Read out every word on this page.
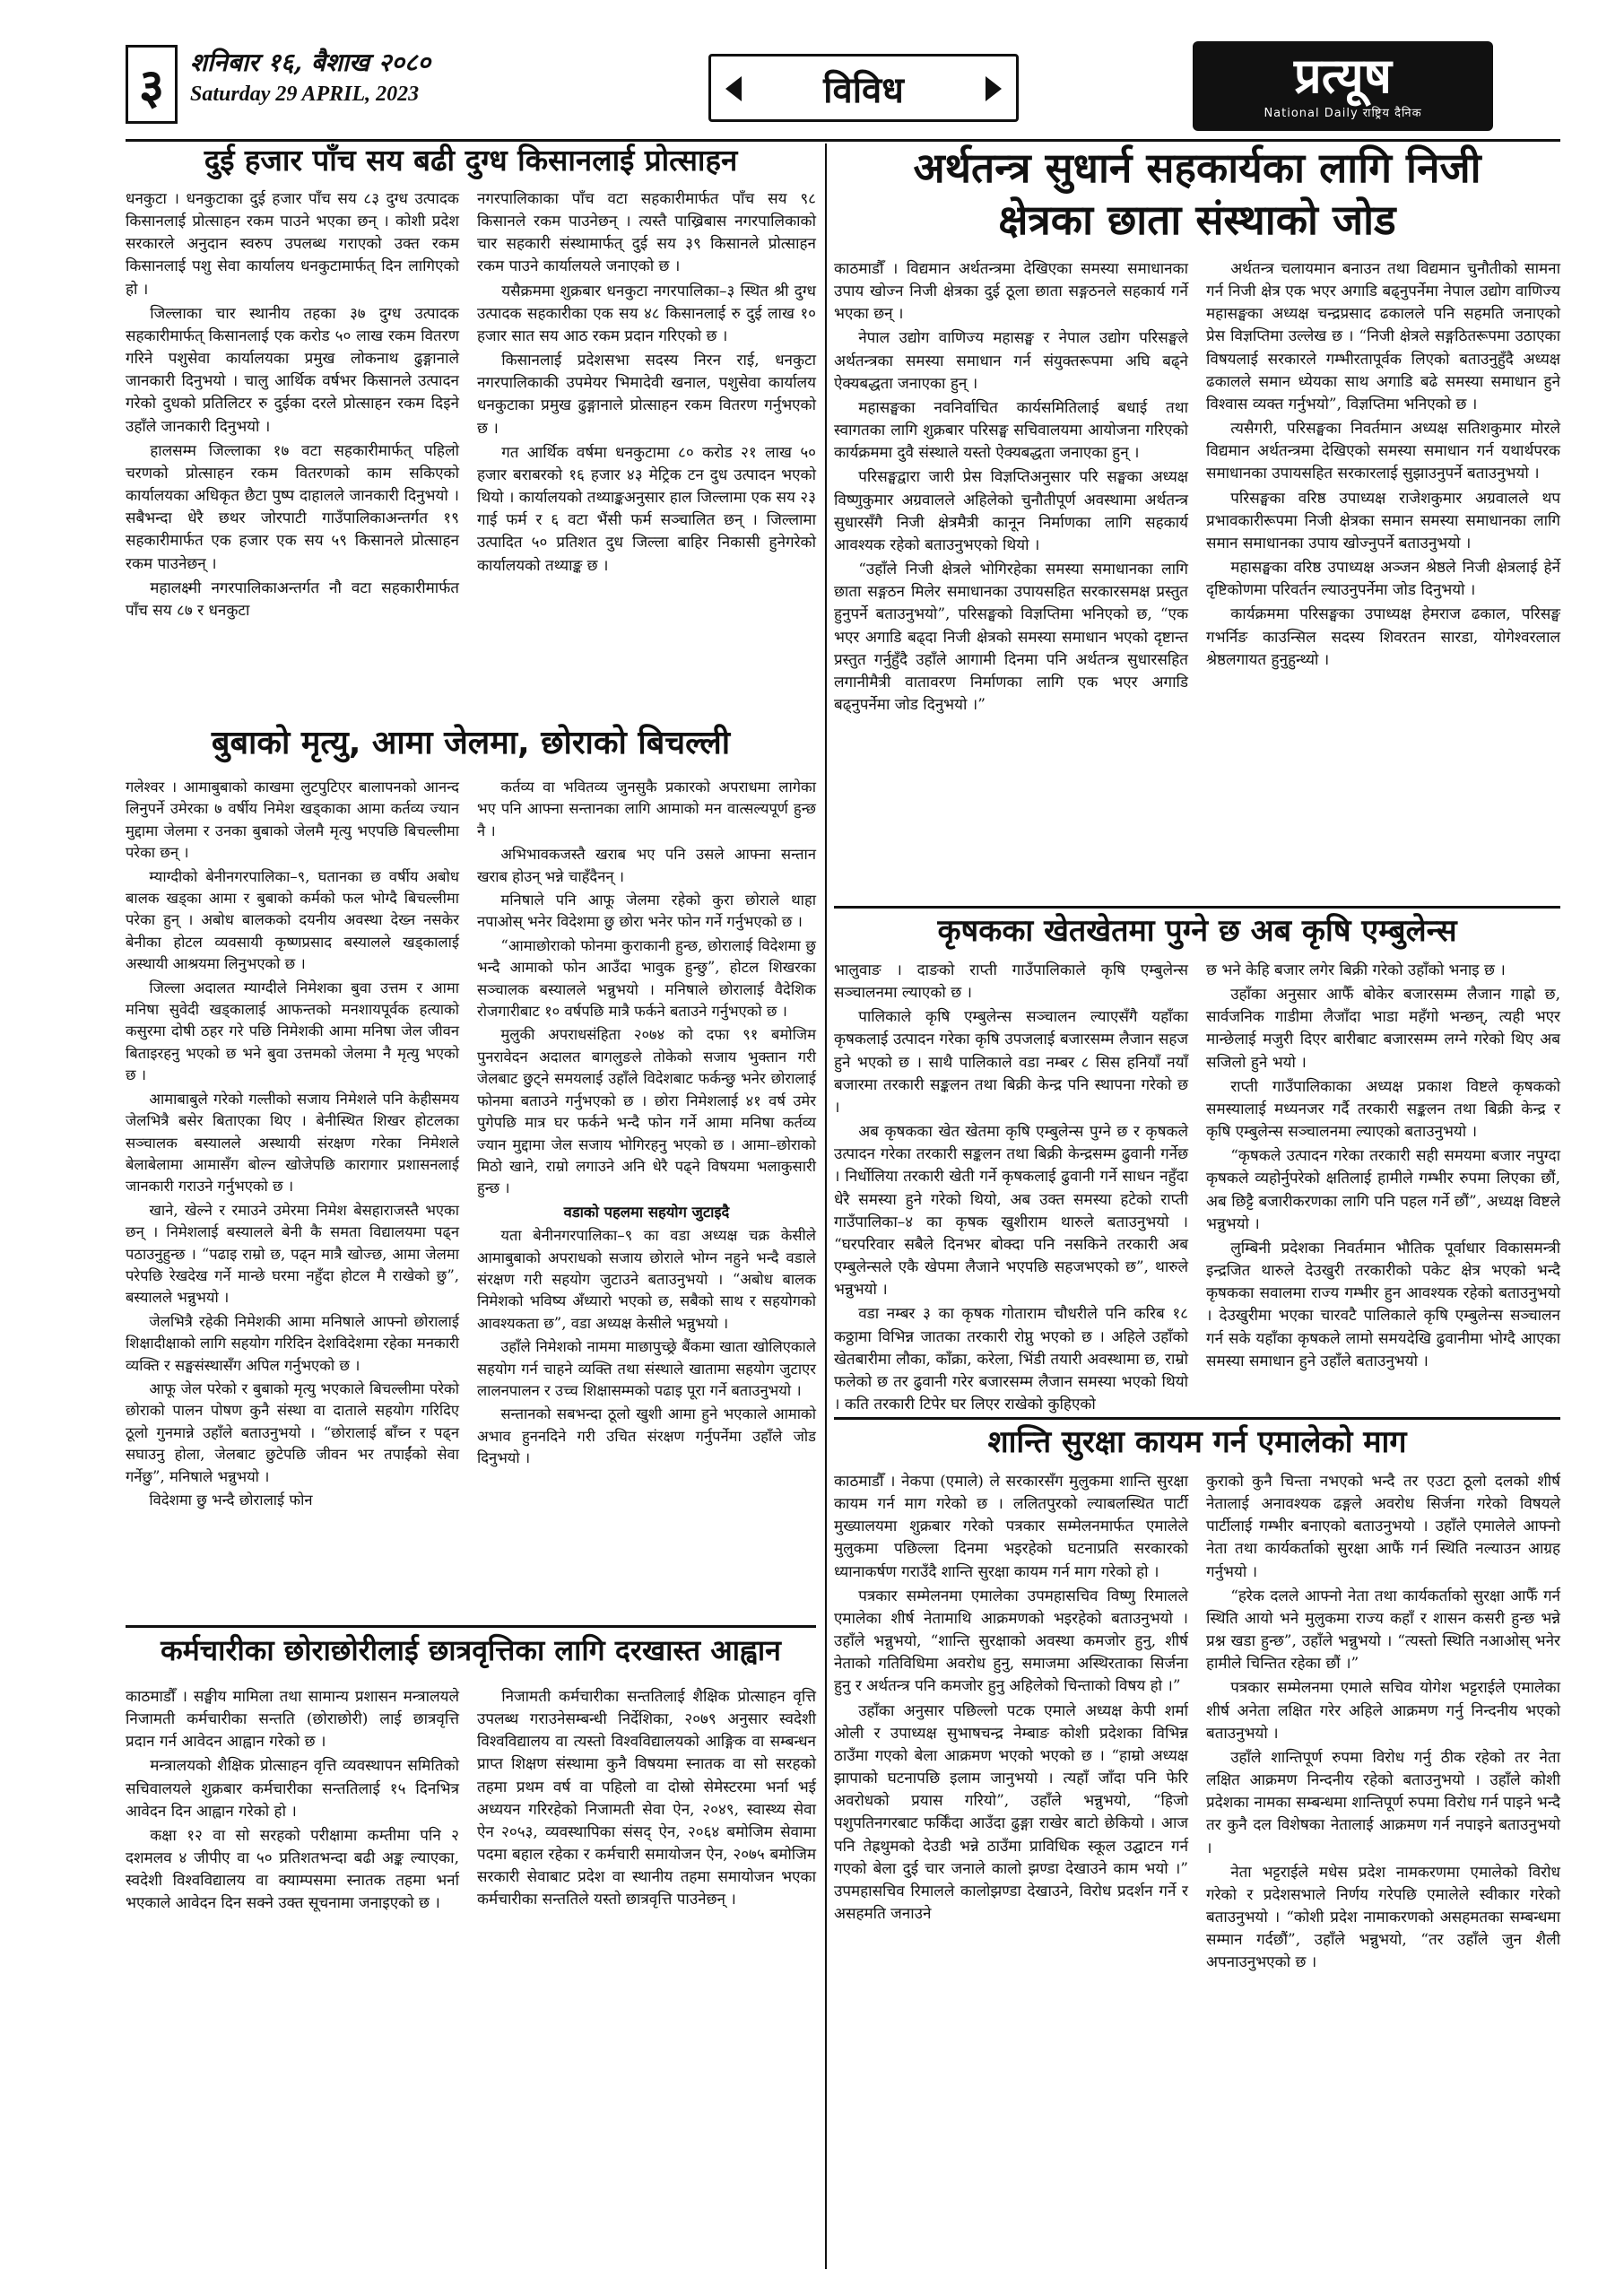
३	शनिबार १६, बैशाख २०८०
Saturday 29 APRIL, 2023	विविध	प्रत्यूष
National Daily राष्ट्रिय दैनिक
दुई हजार पाँच सय बढी दुग्ध किसानलाई प्रोत्साहन

धनकुटा । धनकुटाका दुई हजार पाँच सय ८३ दुग्ध उत्पादक किसानलाई प्रोत्साहन रकम पाउने भएका छन् । कोशी प्रदेश सरकारले अनुदान स्वरुप उपलब्ध गराएको उक्त रकम किसानलाई पशु सेवा कार्यालय धनकुटामार्फत् दिन लागिएको हो ।

जिल्लाका चार स्थानीय तहका ३७ दुग्ध उत्पादक सहकारीमार्फत् किसानलाई एक करोड ५० लाख रकम वितरण गरिने पशुसेवा कार्यालयका प्रमुख लोकनाथ ढुङ्गानाले जानकारी दिनुभयो । चालु आर्थिक वर्षभर किसानले उत्पादन गरेको दुधको प्रतिलिटर रु दुईका दरले प्रोत्साहन रकम दिइने उहाँले जानकारी दिनुभयो ।

हालसम्म जिल्लाका १७ वटा सहकारीमार्फत् पहिलो चरणको प्रोत्साहन रकम वितरणको काम सकिएको कार्यालयका अधिकृत छैटा पुष्प दाहालले जानकारी दिनुभयो । सबैभन्दा धेरै छथर जोरपाटी गाउँपालिकाअन्तर्गत १९ सहकारीमार्फत एक हजार एक सय ५९ किसानले प्रोत्साहन रकम पाउनेछन् ।

महालक्ष्मी नगरपालिकाअन्तर्गत नौ वटा सहकारीमार्फत पाँच सय ८७ र धनकुटा

नगरपालिकाका पाँच वटा सहकारीमार्फत पाँच सय ९८ किसानले रकम पाउनेछन् । त्यस्तै पाख्रिबास नगरपालिकाको चार सहकारी संस्थामार्फत् दुई सय ३९ किसानले प्रोत्साहन रकम पाउने कार्यालयले जनाएको छ ।

यसैक्रममा शुक्रबार धनकुटा नगरपालिका–३ स्थित श्री दुग्ध उत्पादक सहकारीका एक सय ४८ किसानलाई रु दुई लाख १० हजार सात सय आठ रकम प्रदान गरिएको छ ।

किसानलाई प्रदेशसभा सदस्य निरन राई, धनकुटा नगरपालिकाकी उपमेयर भिमादेवी खनाल, पशुसेवा कार्यालय धनकुटाका प्रमुख ढुङ्गानाले प्रोत्साहन रकम वितरण गर्नुभएको छ ।

गत आर्थिक वर्षमा धनकुटामा ८० करोड २१ लाख ५० हजार बराबरको १६ हजार ४३ मेट्रिक टन दुध उत्पादन भएको थियो । कार्यालयको तथ्याङ्कअनुसार हाल जिल्लामा एक सय २३ गाई फर्म र ६ वटा भैंसी फर्म सञ्चालित छन् । जिल्लामा उत्पादित ५० प्रतिशत दुध जिल्ला बाहिर निकासी हुनेगरेको कार्यालयको तथ्याङ्क छ ।

अर्थतन्त्र सुधार्न सहकार्यका लागि निजी
क्षेत्रका छाता संस्थाको जोड

काठमाडौँ । विद्यमान अर्थतन्त्रमा देखिएका समस्या समाधानका उपाय खोज्न निजी क्षेत्रका दुई ठूला छाता सङ्गठनले सहकार्य गर्ने भएका छन् ।

नेपाल उद्योग वाणिज्य महासङ्घ र नेपाल उद्योग परिसङ्घले अर्थतन्त्रका समस्या समाधान गर्न संयुक्तरूपमा अघि बढ्ने ऐक्यबद्धता जनाएका हुन् ।

महासङ्घका नवनिर्वाचित कार्यसमितिलाई बधाई तथा स्वागतका लागि शुक्रबार परिसङ्घ सचिवालयमा आयोजना गरिएको कार्यक्रममा दुवै संस्थाले यस्तो ऐक्यबद्धता जनाएका हुन् ।

परिसङ्घद्वारा जारी प्रेस विज्ञप्तिअनुसार परि सङ्घका अध्यक्ष विष्णुकुमार अग्रवालले अहिलेको चुनौतीपूर्ण अवस्थामा अर्थतन्त्र सुधारसँगै निजी क्षेत्रमैत्री कानून निर्माणका लागि सहकार्य आवश्यक रहेको बताउनुभएको थियो ।

“उहाँले निजी क्षेत्रले भोगिरहेका समस्या समाधानका लागि छाता सङ्गठन मिलेर समाधानका उपायसहित सरकारसमक्ष प्रस्तुत हुनुपर्ने बताउनुभयो”, परिसङ्घको विज्ञप्तिमा भनिएको छ, “एक भएर अगाडि बढ्दा निजी क्षेत्रको समस्या समाधान भएको दृष्टान्त प्रस्तुत गर्नुहुँदै उहाँले आगामी दिनमा पनि अर्थतन्त्र सुधारसहित लगानीमैत्री वातावरण निर्माणका लागि एक भएर अगाडि बढ्नुपर्नेमा जोड दिनुभयो ।”

अर्थतन्त्र चलायमान बनाउन तथा विद्यमान चुनौतीको सामना गर्न निजी क्षेत्र एक भएर अगाडि बढ्नुपर्नेमा नेपाल उद्योग वाणिज्य महासङ्घका अध्यक्ष चन्द्रप्रसाद ढकालले पनि सहमति जनाएको प्रेस विज्ञप्तिमा उल्लेख छ । “निजी क्षेत्रले सङ्गठितरूपमा उठाएका विषयलाई सरकारले गम्भीरतापूर्वक लिएको बताउनुहुँदै अध्यक्ष ढकालले समान ध्येयका साथ अगाडि बढे समस्या समाधान हुने विश्वास व्यक्त गर्नुभयो”, विज्ञप्तिमा भनिएको छ ।

त्यसैगरी, परिसङ्घका निवर्तमान अध्यक्ष सतिशकुमार मोरले विद्यमान अर्थतन्त्रमा देखिएको समस्या समाधान गर्न यथार्थपरक समाधानका उपायसहित सरकारलाई सुझाउनुपर्ने बताउनुभयो ।

परिसङ्घका वरिष्ठ उपाध्यक्ष राजेशकुमार अग्रवालले थप प्रभावकारीरूपमा निजी क्षेत्रका समान समस्या समाधानका लागि समान समाधानका उपाय खोज्नुपर्ने बताउनुभयो ।

महासङ्घका वरिष्ठ उपाध्यक्ष अञ्जन श्रेष्ठले निजी क्षेत्रलाई हेर्ने दृष्टिकोणमा परिवर्तन ल्याउनुपर्नेमा जोड दिनुभयो ।

कार्यक्रममा परिसङ्घका उपाध्यक्ष हेमराज ढकाल, परिसङ्घ गभर्निङ काउन्सिल सदस्य शिवरतन सारडा, योगेश्वरलाल श्रेष्ठलगायत हुनुहुन्थ्यो ।

बुबाको मृत्यु, आमा जेलमा, छोराको बिचल्ली

गलेश्वर । आमाबुबाको काखमा लुटपुटिएर बालापनको आनन्द लिनुपर्ने उमेरका ७ वर्षीय निमेश खड्काका आमा कर्तव्य ज्यान मुद्दामा जेलमा र उनका बुबाको जेलमै मृत्यु भएपछि बिचल्लीमा परेका छन् ।

म्याग्दीको बेनीनगरपालिका–९, घतानका छ वर्षीय अबोध बालक खड्का आमा र बुबाको कर्मको फल भोग्दै बिचल्लीमा परेका हुन् । अबोध बालकको दयनीय अवस्था देख्न नसकेर बेनीका होटल व्यवसायी कृष्णप्रसाद बस्यालले खड्कालाई अस्थायी आश्रयमा लिनुभएको छ ।

जिल्ला अदालत म्याग्दीले निमेशका बुवा उत्तम र आमा मनिषा सुवेदी खड्कालाई आफन्तको मनशायपूर्वक हत्याको कसुरमा दोषी ठहर गरे पछि निमेशकी आमा मनिषा जेल जीवन बिताइरहनु भएको छ भने बुवा उत्तमको जेलमा नै मृत्यु भएको छ ।

आमाबाबुले गरेको गल्तीको सजाय निमेशले पनि केहीसमय जेलभित्रै बसेर बिताएका थिए । बेनीस्थित शिखर होटलका सञ्चालक बस्यालले अस्थायी संरक्षण गरेका निमेशले बेलाबेलामा आमासँग बोल्न खोजेपछि कारागार प्रशासनलाई जानकारी गराउने गर्नुभएको छ ।

खाने, खेल्ने र रमाउने उमेरमा निमेश बेसहाराजस्तै भएका छन् । निमेशलाई बस्यालले बेनी कै समता विद्यालयमा पढ्न पठाउनुहुन्छ । “पढाइ राम्रो छ, पढ्न मात्रै खोज्छ, आमा जेलमा परेपछि रेखदेख गर्ने मान्छे घरमा नहुँदा होटल मै राखेको छु”, बस्यालले भन्नुभयो ।

जेलभित्रै रहेकी निमेशकी आमा मनिषाले आफ्नो छोरालाई शिक्षादीक्षाको लागि सहयोग गरिदिन देशविदेशमा रहेका मनकारी व्यक्ति र सङ्घसंस्थासँग अपिल गर्नुभएको छ ।

आफू जेल परेको र बुबाको मृत्यु भएकाले बिचल्लीमा परेको छोराको पालन पोषण कुनै संस्था वा दाताले सहयोग गरिदिए ठूलो गुनमान्ने उहाँले बताउनुभयो । “छोरालाई बाँच्न र पढ्न सघाउनु होला, जेलबाट छुटेपछि जीवन भर तपाईंको सेवा गर्नेछु”, मनिषाले भन्नुभयो ।

विदेशमा छु भन्दै छोरालाई फोन

कर्तव्य वा भवितव्य जुनसुकै प्रकारको अपराधमा लागेका भए पनि आफ्ना सन्तानका लागि आमाको मन वात्सल्यपूर्ण हुन्छ नै ।

अभिभावकजस्तै खराब भए पनि उसले आफ्ना सन्तान खराब होउन् भन्ने चाहँदैनन् ।

मनिषाले पनि आफू जेलमा रहेको कुरा छोराले थाहा नपाओस् भनेर विदेशमा छु छोरा भनेर फोन गर्ने गर्नुभएको छ ।

“आमाछोराको फोनमा कुराकानी हुन्छ, छोरालाई विदेशमा छु भन्दै आमाको फोन आउँदा भावुक हुन्छु”, होटल शिखरका सञ्चालक बस्यालले भन्नुभयो । मनिषाले छोरालाई वैदेशिक रोजगारीबाट १० वर्षपछि मात्रै फर्कने बताउने गर्नुभएको छ ।

मुलुकी अपराधसंहिता २०७४ को दफा ९१ बमोजिम पुनरावेदन अदालत बागलुङले तोकेको सजाय भुक्तान गरी जेलबाट छुट्ने समयलाई उहाँले विदेशबाट फर्कन्छु भनेर छोरालाई फोनमा बताउने गर्नुभएको छ । छोरा निमेशलाई ४१ वर्ष उमेर पुगेपछि मात्र घर फर्कने भन्दै फोन गर्ने आमा मनिषा कर्तव्य ज्यान मुद्दामा जेल सजाय भोगिरहनु भएको छ । आमा–छोराको मिठो खाने, राम्रो लगाउने अनि धेरै पढ्ने विषयमा भलाकुसारी हुन्छ ।

वडाको पहलमा सहयोग जुटाइदै

यता बेनीनगरपालिका–९ का वडा अध्यक्ष चक्र केसीले आमाबुबाको अपराधको सजाय छोराले भोग्न नहुने भन्दै वडाले संरक्षण गरी सहयोग जुटाउने बताउनुभयो । “अबोध बालक निमेशको भविष्य अँध्यारो भएको छ, सबैको साथ र सहयोगको आवश्यकता छ”, वडा अध्यक्ष केसीले भन्नुभयो ।

उहाँले निमेशको नाममा माछापुच्छ्रे बैंकमा खाता खोलिएकाले सहयोग गर्न चाहने व्यक्ति तथा संस्थाले खातामा सहयोग जुटाएर लालनपालन र उच्च शिक्षासम्मको पढाइ पूरा गर्ने बताउनुभयो ।

सन्तानको सबभन्दा ठूलो खुशी आमा हुने भएकाले आमाको अभाव हुननदिने गरी उचित संरक्षण गर्नुपर्नेमा उहाँले जोड दिनुभयो ।

कृषकका खेतखेतमा पुग्ने छ अब कृषि एम्बुलेन्स

भालुवाङ । दाङको राप्ती गाउँपालिकाले कृषि एम्बुलेन्स सञ्चालनमा ल्याएको छ ।

पालिकाले कृषि एम्बुलेन्स सञ्चालन ल्याएसँगै यहाँका कृषकलाई उत्पादन गरेका कृषि उपजलाई बजारसम्म लैजान सहज हुने भएको छ । साथै पालिकाले वडा नम्बर ८ सिस हनियाँ नयाँ बजारमा तरकारी सङ्कलन तथा बिक्री केन्द्र पनि स्थापना गरेको छ ।

अब कृषकका खेत खेतमा कृषि एम्बुलेन्स पुग्ने छ र कृषकले उत्पादन गरेका तरकारी सङ्कलन तथा बिक्री केन्द्रसम्म ढुवानी गर्नेछ । निर्धोलिया तरकारी खेती गर्ने कृषकलाई ढुवानी गर्ने साधन नहुँदा धेरै समस्या हुने गरेको थियो, अब उक्त समस्या हटेको राप्ती गाउँपालिका–४ का कृषक खुशीराम थारुले बताउनुभयो । “घरपरिवार सबैले दिनभर बोक्दा पनि नसकिने तरकारी अब एम्बुलेन्सले एकै खेपमा लैजाने भएपछि सहजभएको छ”, थारुले भन्नुभयो ।

वडा नम्बर ३ का कृषक गोताराम चौधरीले पनि करिब १८ कठ्ठामा विभिन्न जातका तरकारी रोप्नु भएको छ । अहिले उहाँको खेतबारीमा लौका, काँक्रा, करेला, भिंडी तयारी अवस्थामा छ, राम्रो फलेको छ तर ढुवानी गरेर बजारसम्म लैजान समस्या भएको थियो । कति तरकारी टिपेर घर लिएर राखेको कुहिएको

छ भने केहि बजार लगेर बिक्री गरेको उहाँको भनाइ छ ।

उहाँका अनुसार आफैँ बोकेर बजारसम्म लैजान गाह्रो छ, सार्वजनिक गाडीमा लैजाँदा भाडा महँगो भन्छन्, त्यही भएर मान्छेलाई मजुरी दिएर बारीबाट बजारसम्म लग्ने गरेको थिए अब सजिलो हुने भयो ।

राप्ती गाउँपालिकाका अध्यक्ष प्रकाश विष्टले कृषकको समस्यालाई मध्यनजर गर्दै तरकारी सङ्कलन तथा बिक्री केन्द्र र कृषि एम्बुलेन्स सञ्चालनमा ल्याएको बताउनुभयो ।

“कृषकले उत्पादन गरेका तरकारी सही समयमा बजार नपुग्दा कृषकले व्यहोर्नुपरेको क्षतिलाई हामीले गम्भीर रुपमा लिएका छौं, अब छिट्टै बजारीकरणका लागि पनि पहल गर्ने छौं”, अध्यक्ष विष्टले भन्नुभयो ।

लुम्बिनी प्रदेशका निवर्तमान भौतिक पूर्वाधार विकासमन्त्री इन्द्रजित थारुले देउखुरी तरकारीको पकेट क्षेत्र भएको भन्दै कृषकका सवालमा राज्य गम्भीर हुन आवश्यक रहेको बताउनुभयो । देउखुरीमा भएका चारवटै पालिकाले कृषि एम्बुलेन्स सञ्चालन गर्न सके यहाँका कृषकले लामो समयदेखि ढुवानीमा भोग्दै आएका समस्या समाधान हुने उहाँले बताउनुभयो ।

शान्ति सुरक्षा कायम गर्न एमालेको माग

काठमाडौँ । नेकपा (एमाले) ले सरकारसँग मुलुकमा शान्ति सुरक्षा कायम गर्न माग गरेको छ । ललितपुरको ल्याबलस्थित पार्टी मुख्यालयमा शुक्रबार गरेको पत्रकार सम्मेलनमार्फत एमालेले मुलुकमा पछिल्ला दिनमा भइरहेको घटनाप्रति सरकारको ध्यानाकर्षण गराउँदै शान्ति सुरक्षा कायम गर्न माग गरेको हो ।

पत्रकार सम्मेलनमा एमालेका उपमहासचिव विष्णु रिमालले एमालेका शीर्ष नेतामाथि आक्रमणको भइरहेको बताउनुभयो । उहाँले भन्नुभयो, “शान्ति सुरक्षाको अवस्था कमजोर हुनु, शीर्ष नेताको गतिविधिमा अवरोध हुनु, समाजमा अस्थिरताका सिर्जना हुनु र अर्थतन्त्र पनि कमजोर हुनु अहिलेको चिन्ताको विषय हो ।”

उहाँका अनुसार पछिल्लो पटक एमाले अध्यक्ष केपी शर्मा ओली र उपाध्यक्ष सुभाषचन्द्र नेम्बाङ कोशी प्रदेशका विभिन्न ठाउँमा गएको बेला आक्रमण भएको भएको छ । “हाम्रो अध्यक्ष झापाको घटनापछि इलाम जानुभयो । त्यहाँ जाँदा पनि फेरि अवरोधको प्रयास गरियो”, उहाँले भन्नुभयो, “हिजो पशुपतिनगरबाट फर्किँदा आउँदा ढुङ्गा राखेर बाटो छेकियो । आज पनि तेह्रथुमको देउडी भन्ने ठाउँमा प्राविधिक स्कूल उद्घाटन गर्न गएको बेला दुई चार जनाले कालो झण्डा देखाउने काम भयो ।” उपमहासचिव रिमालले कालोझण्डा देखाउने, विरोध प्रदर्शन गर्ने र असहमति जनाउने

कुराको कुनै चिन्ता नभएको भन्दै तर एउटा ठूलो दलको शीर्ष नेतालाई अनावश्यक ढङ्गले अवरोध सिर्जना गरेको विषयले पार्टीलाई गम्भीर बनाएको बताउनुभयो । उहाँले एमालेले आफ्नो नेता तथा कार्यकर्ताको सुरक्षा आफैं गर्न स्थिति नल्याउन आग्रह गर्नुभयो ।

“हरेक दलले आफ्नो नेता तथा कार्यकर्ताको सुरक्षा आफैँ गर्न स्थिति आयो भने मुलुकमा राज्य कहाँ र शासन कसरी हुन्छ भन्ने प्रश्न खडा हुन्छ”, उहाँले भन्नुभयो । “त्यस्तो स्थिति नआओस् भनेर हामीले चिन्तित रहेका छौं ।”

पत्रकार सम्मेलनमा एमाले सचिव योगेश भट्टराईले एमालेका शीर्ष अनेता लक्षित गरेर अहिले आक्रमण गर्नु निन्दनीय भएको बताउनुभयो ।

उहाँले शान्तिपूर्ण रुपमा विरोध गर्नु ठीक रहेको तर नेता लक्षित आक्रमण निन्दनीय रहेको बताउनुभयो । उहाँले कोशी प्रदेशका नामका सम्बन्धमा शान्तिपूर्ण रुपमा विरोध गर्न पाइने भन्दै तर कुनै दल विशेषका नेतालाई आक्रमण गर्न नपाइने बताउनुभयो ।

नेता भट्टराईले मधेस प्रदेश नामकरणमा एमालेको विरोध गरेको र प्रदेशसभाले निर्णय गरेपछि एमालेले स्वीकार गरेको बताउनुभयो । “कोशी प्रदेश नामाकरणको असहमतका सम्बन्धमा सम्मान गर्दछौं”, उहाँले भन्नुभयो, “तर उहाँले जुन शैली अपनाउनुभएको छ ।

कर्मचारीका छोराछोरीलाई छात्रवृत्तिका लागि दरखास्त आह्वान

काठमाडौँ । सङ्घीय मामिला तथा सामान्य प्रशासन मन्त्रालयले निजामती कर्मचारीका सन्तति (छोराछोरी) लाई छात्रवृत्ति प्रदान गर्न आवेदन आह्वान गरेको छ ।

मन्त्रालयको शैक्षिक प्रोत्साहन वृत्ति व्यवस्थापन समितिको सचिवालयले शुक्रबार कर्मचारीका सन्ततिलाई १५ दिनभित्र आवेदन दिन आह्वान गरेको हो ।

कक्षा १२ वा सो सरहको परीक्षामा कम्तीमा पनि २ दशमलव ४ जीपीए वा ५० प्रतिशतभन्दा बढी अङ्क ल्याएका, स्वदेशी विश्वविद्यालय वा क्याम्पसमा स्नातक तहमा भर्ना भएकाले आवेदन दिन सक्ने उक्त सूचनामा जनाइएको छ ।

निजामती कर्मचारीका सन्ततिलाई शैक्षिक प्रोत्साहन वृत्ति उपलब्ध गराउनेसम्बन्धी निर्देशिका, २०७९ अनुसार स्वदेशी विश्वविद्यालय वा त्यस्तो विश्वविद्यालयको आङ्गिक वा सम्बन्धन प्राप्त शिक्षण संस्थामा कुनै विषयमा स्नातक वा सो सरहको तहमा प्रथम वर्ष वा पहिलो वा दोस्रो सेमेस्टरमा भर्ना भई अध्ययन गरिरहेको निजामती सेवा ऐन, २०४९, स्वास्थ्य सेवा ऐन २०५३, व्यवस्थापिका संसद् ऐन, २०६४ बमोजिम सेवामा पदमा बहाल रहेका र कर्मचारी समायोजन ऐन, २०७५ बमोजिम सरकारी सेवाबाट प्रदेश वा स्थानीय तहमा समायोजन भएका कर्मचारीका सन्ततिले यस्तो छात्रवृत्ति पाउनेछन् ।
